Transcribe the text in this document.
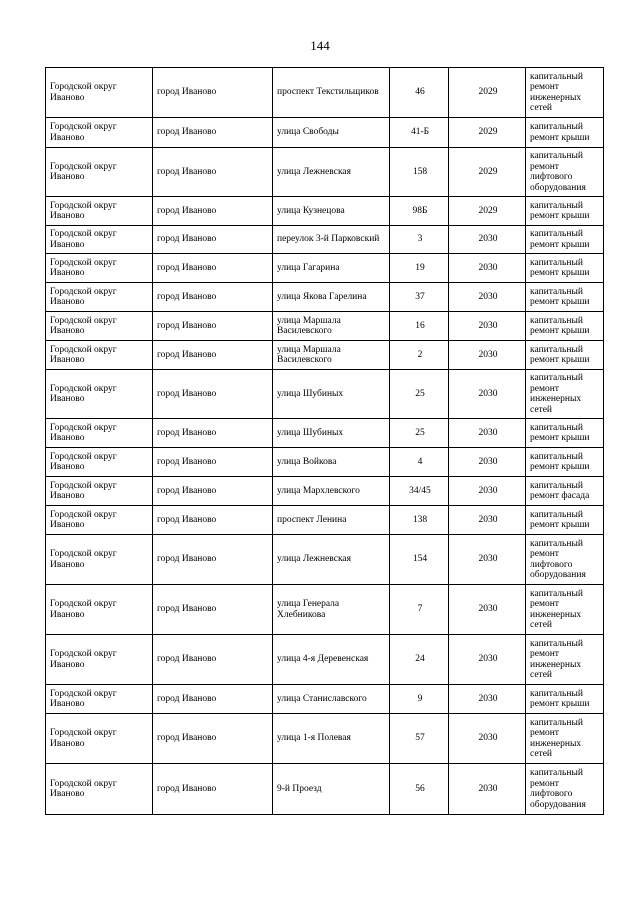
144
Городской округ Иваново	город Иваново	проспект Текстильщиков	46	2029	капитальный ремонт инженерных сетей
Городской округ Иваново	город Иваново	улица Свободы	41-Б	2029	капитальный ремонт крыши
Городской округ Иваново	город Иваново	улица Лежневская	158	2029	капитальный ремонт лифтового оборудования
Городской округ Иваново	город Иваново	улица Кузнецова	98Б	2029	капитальный ремонт крыши
Городской округ Иваново	город Иваново	переулок 3-й Парковский	3	2030	капитальный ремонт крыши
Городской округ Иваново	город Иваново	улица Гагарина	19	2030	капитальный ремонт крыши
Городской округ Иваново	город Иваново	улица Якова Гарелина	37	2030	капитальный ремонт крыши
Городской округ Иваново	город Иваново	улица Маршала Василевского	16	2030	капитальный ремонт крыши
Городской округ Иваново	город Иваново	улица Маршала Василевского	2	2030	капитальный ремонт крыши
Городской округ Иваново	город Иваново	улица Шубиных	25	2030	капитальный ремонт инженерных сетей
Городской округ Иваново	город Иваново	улица Шубиных	25	2030	капитальный ремонт крыши
Городской округ Иваново	город Иваново	улица Войкова	4	2030	капитальный ремонт крыши
Городской округ Иваново	город Иваново	улица Мархлевского	34/45	2030	капитальный ремонт фасада
Городской округ Иваново	город Иваново	проспект Ленина	138	2030	капитальный ремонт крыши
Городской округ Иваново	город Иваново	улица Лежневская	154	2030	капитальный ремонт лифтового оборудования
Городской округ Иваново	город Иваново	улица Генерала Хлебникова	7	2030	капитальный ремонт инженерных сетей
Городской округ Иваново	город Иваново	улица 4-я Деревенская	24	2030	капитальный ремонт инженерных сетей
Городской округ Иваново	город Иваново	улица Станиславского	9	2030	капитальный ремонт крыши
Городской округ Иваново	город Иваново	улица 1-я Полевая	57	2030	капитальный ремонт инженерных сетей
Городской округ Иваново	город Иваново	9-й Проезд	56	2030	капитальный ремонт лифтового оборудования
